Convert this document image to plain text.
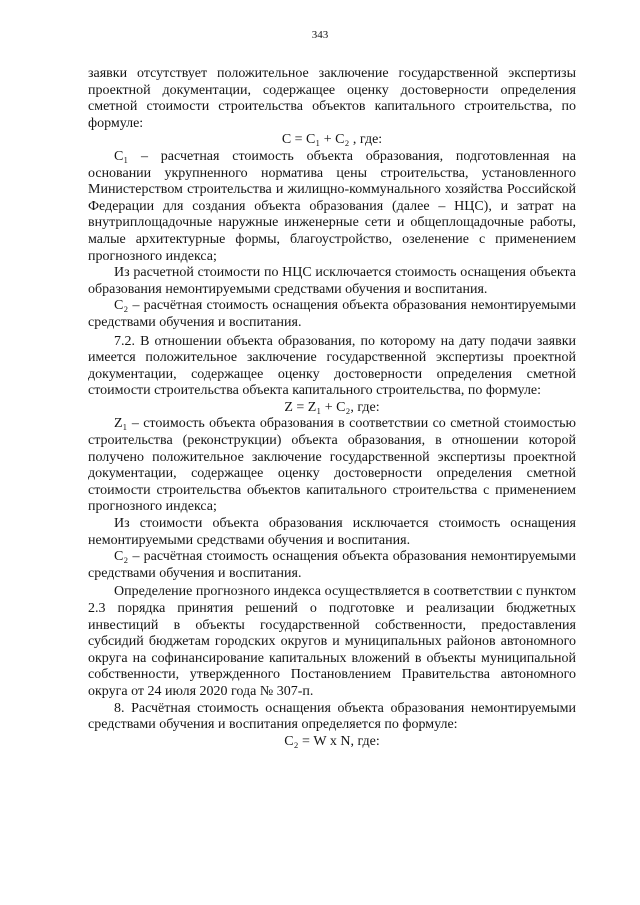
343

заявки отсутствует положительное заключение государственной экспертизы проектной документации, содержащее оценку достоверности определения сметной стоимости строительства объектов капитального строительства, по формуле:

С = С₁ + С₂ , где:

С₁ – расчетная стоимость объекта образования, подготовленная на основании укрупненного норматива цены строительства, установленного Министерством строительства и жилищно-коммунального хозяйства Российской Федерации для создания объекта образования (далее – НЦС), и затрат на внутриплощадочные наружные инженерные сети и общеплощадочные работы, малые архитектурные формы, благоустройство, озеленение с применением прогнозного индекса;

Из расчетной стоимости по НЦС исключается стоимость оснащения объекта образования немонтируемыми средствами обучения и воспитания.

С₂ – расчётная стоимость оснащения объекта образования немонтируемыми средствами обучения и воспитания.

7.2. В отношении объекта образования, по которому на дату подачи заявки имеется положительное заключение государственной экспертизы проектной документации, содержащее оценку достоверности определения сметной стоимости строительства объекта капитального строительства, по формуле:

Z = Z₁ + С₂, где:

Z₁ – стоимость объекта образования в соответствии со сметной стоимостью строительства (реконструкции) объекта образования, в отношении которой получено положительное заключение государственной экспертизы проектной документации, содержащее оценку достоверности определения сметной стоимости строительства объектов капитального строительства с применением прогнозного индекса;

Из стоимости объекта образования исключается стоимость оснащения немонтируемыми средствами обучения и воспитания.

С₂ – расчётная стоимость оснащения объекта образования немонтируемыми средствами обучения и воспитания.

Определение прогнозного индекса осуществляется в соответствии с пунктом 2.3 порядка принятия решений о подготовке и реализации бюджетных инвестиций в объекты государственной собственности, предоставления субсидий бюджетам городских округов и муниципальных районов автономного округа на софинансирование капитальных вложений в объекты муниципальной собственности, утвержденного Постановлением Правительства автономного округа от 24 июля 2020 года № 307-п.

8. Расчётная стоимость оснащения объекта образования немонтируемыми средствами обучения и воспитания определяется по формуле:

С₂ = W x N, где:
